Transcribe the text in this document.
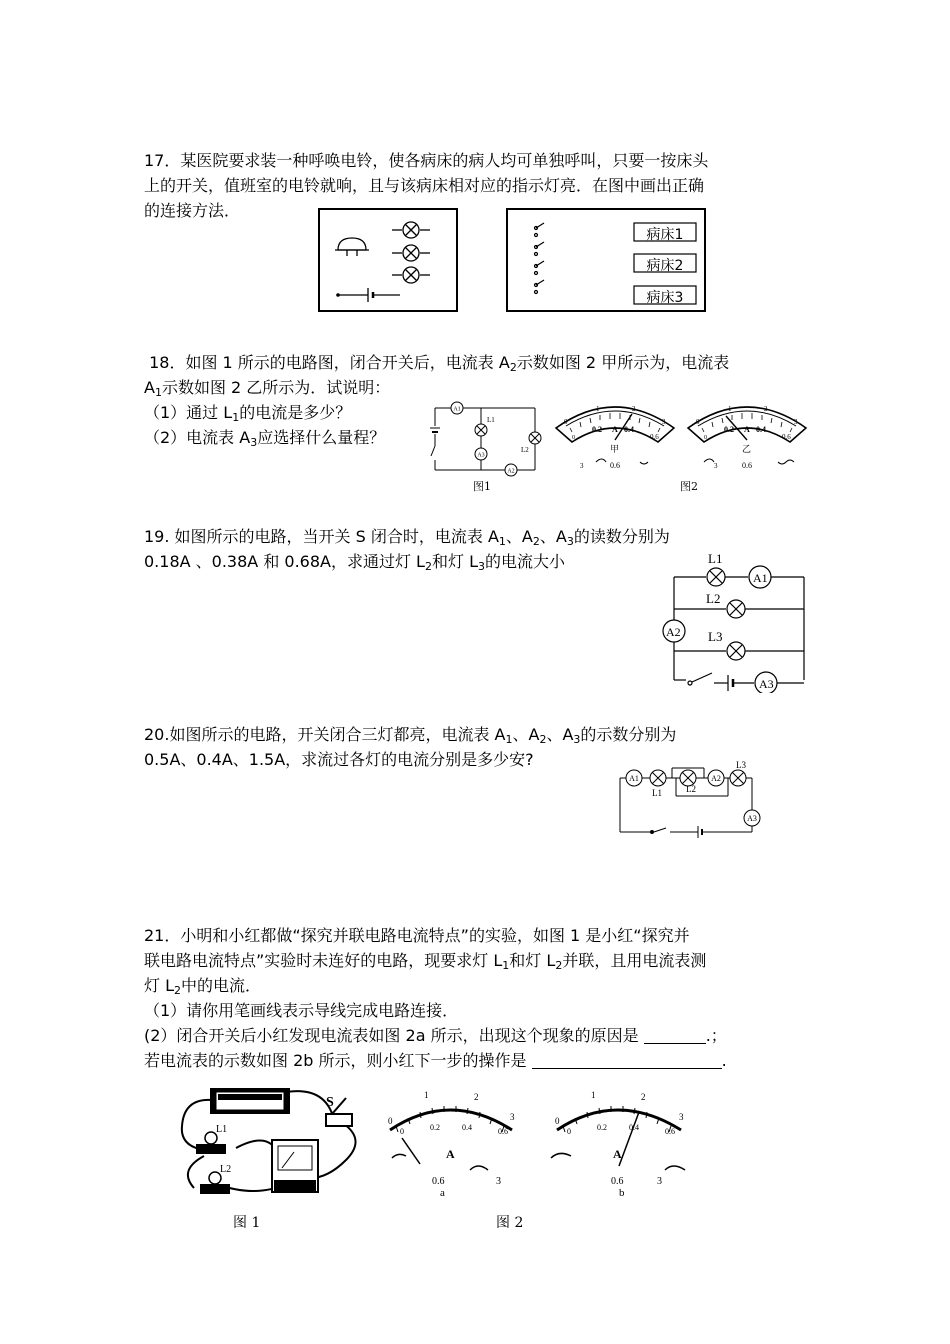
17．某医院要求装一种呼唤电铃，使各病床的病人均可单独呼叫，只要一按床头
上的开关，值班室的电铃就响，且与该病床相对应的指示灯亮．在图中画出正确
的连接方法．
病床1
病床2
病床3
18．如图 1 所示的电路图，闭合开关后，电流表 $A_2$示数如图 2 甲所示为，电流表
$A_1$示数如图 2 乙所示为．试说明：
（1）通过 $L_1$的电流是多少？
（2）电流表 $A_3$应选择什么量程？
A1
L1
A3
A2
L2
图1
0
1	2
3
0
0.2 A 0.4
0.6
甲
3	0.6
0
1	2
3
0
0.2 A 0.4
0.6
乙
3	0.6
图2
19. 如图所示的电路，当开关 S 闭合时，电流表 $A_1$、$A_2$、$A_3$的读数分别为
0.18A 、0.38A 和 0.68A，求通过灯 $L_2$和灯 $L_3$的电流大小	L1
A1
L2
A2 L3
A3
20.如图所示的电路，开关闭合三灯都亮，电流表 $A_1$、$A_2$、$A_3$的示数分别为
0.5A、0.4A、1.5A，求流过各灯的电流分别是多少安?
A1
L1	L2
A2
L3
A3
21．小明和小红都做“探究并联电路电流特点”的实验，如图 1 是小红“探究并
联电路电流特点”实验时未连好的电路，现要求灯 $L_1$和灯 $L_2$并联，且用电流表测
灯 $L_2$中的电流．
（1）请你用笔画线表示导线完成电路连接．
(2）闭合开关后小红发现电流表如图 2a 所示，出现这个现象的原因是	.；
若电流表的示数如图 2b 所示，则小红下一步的操作是	.
S
L1
L2
图 1
0
1	2
3
0	0.2	0.4	0.6
A
0.6	3
a
0
1	2
3
0	0.2	0.4	0.6
A
0.6	3
b
图 2
